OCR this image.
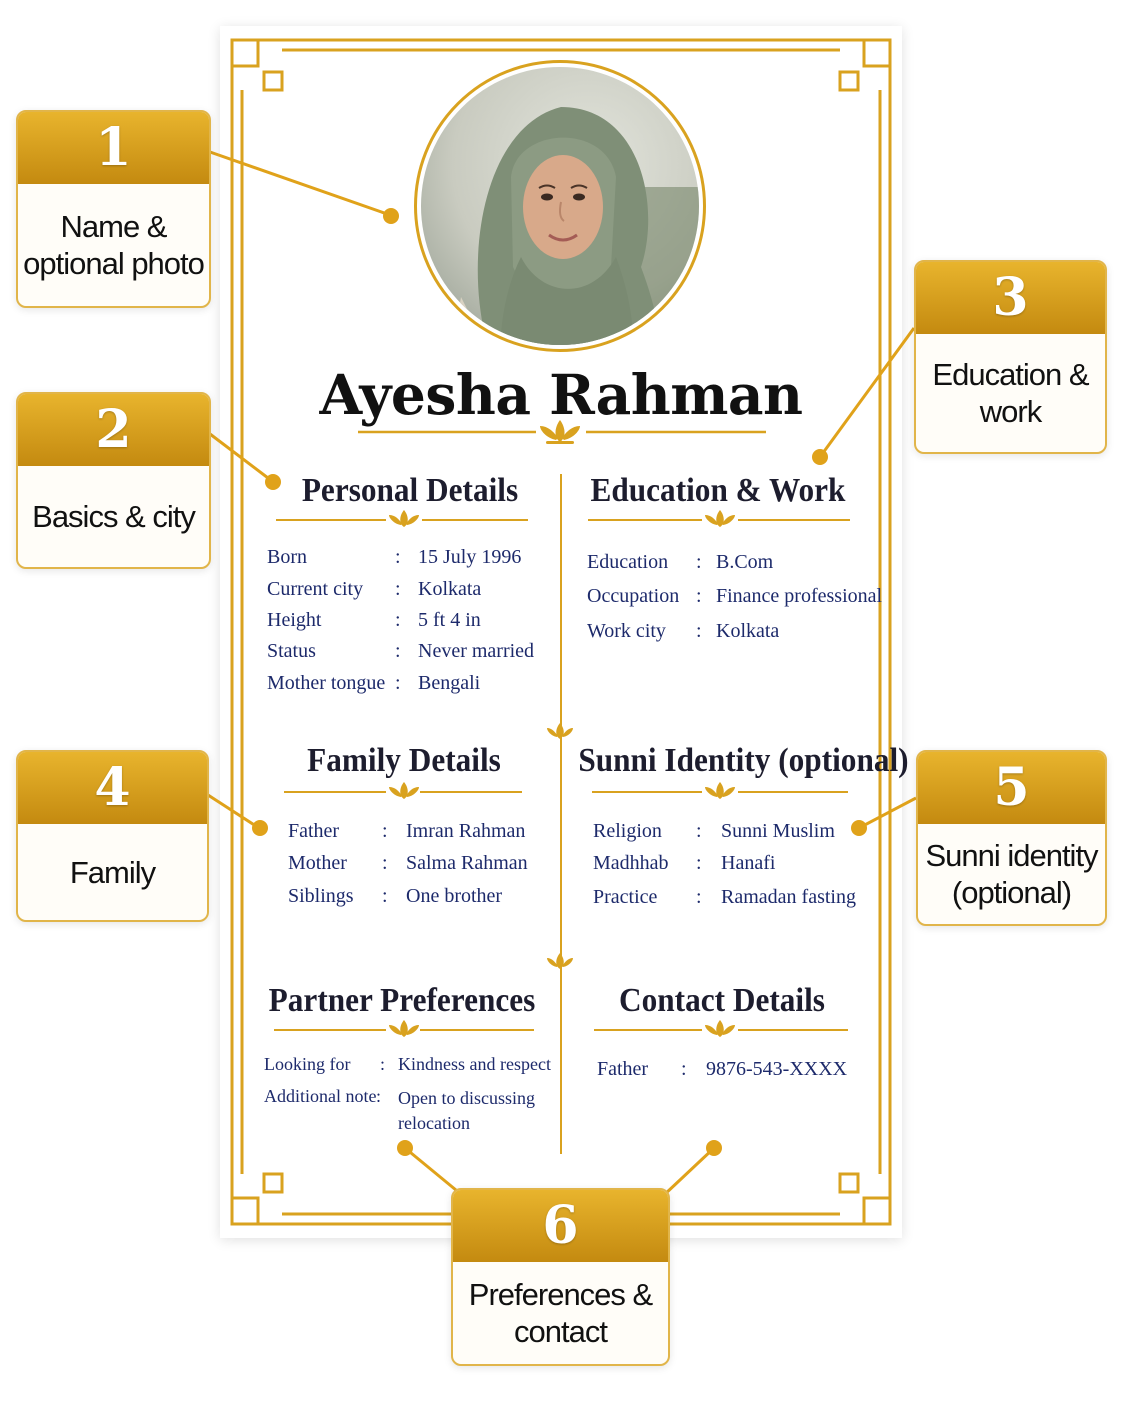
Ayesha Rahman
Personal Details	Education & Work
Family Details	Sunni Identity (optional)
Partner Preferences	Contact Details
Born	: 15 July 1996
Current city : Kolkata
Height	: 5 ft 4 in
Status	: Never married
Mother tongue : Bengali
Education : B.Com
Occupation : Finance professional
Work city : Kolkata
Father : Imran Rahman
Mother : Salma Rahman
Siblings : One brother
Religion : Sunni Muslim
Madhhab : Hanafi
Practice : Ramadan fasting
Looking for : Kindness and respect
Additional note : Open to discussing relocation
Father : 9876-543-XXXX
1
Name &
optional photo
2
Basics & city
3
Education &
work
4
Family
5
Sunni identity
(optional)
6
Preferences &
contact
